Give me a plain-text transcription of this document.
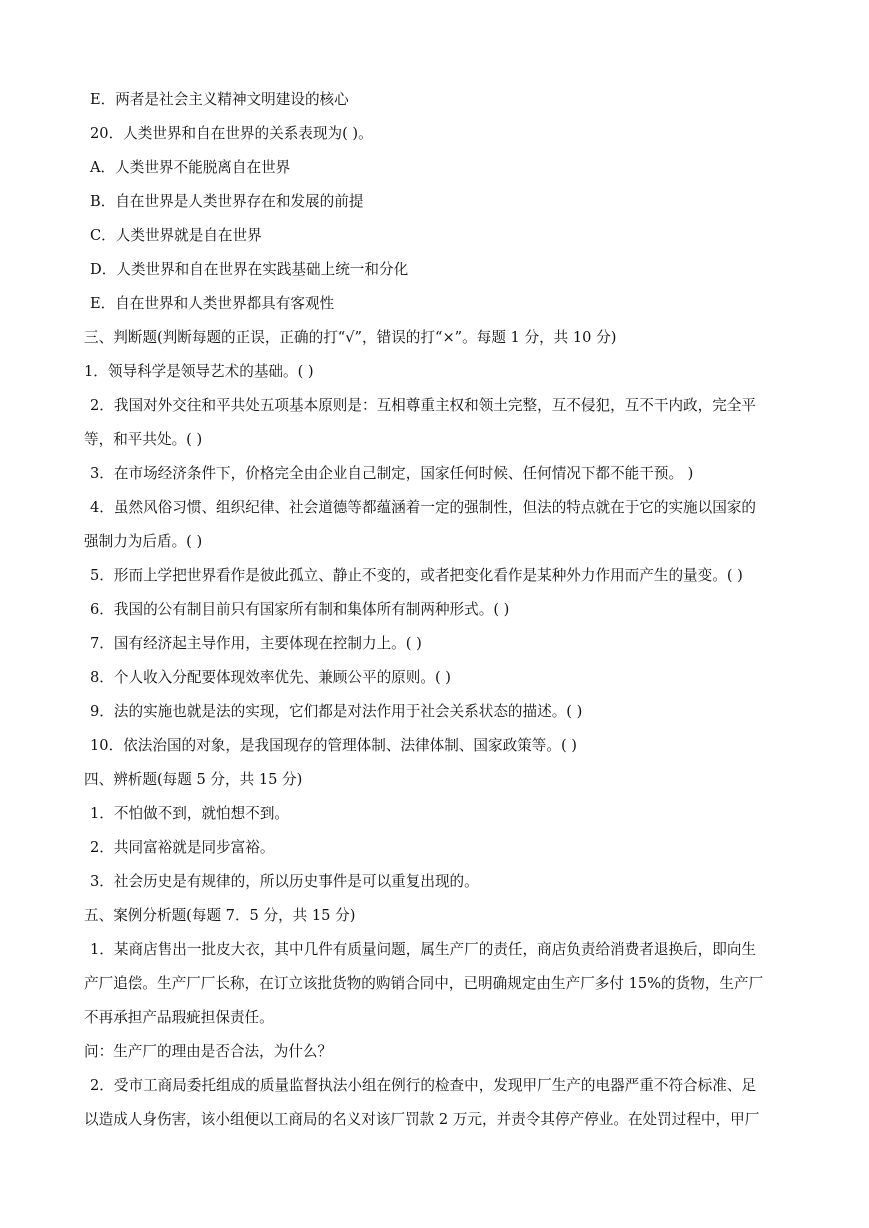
E．两者是社会主义精神文明建设的核心
20．人类世界和自在世界的关系表现为( )。
A．人类世界不能脱离自在世界
B．自在世界是人类世界存在和发展的前提
C．人类世界就是自在世界
D．人类世界和自在世界在实践基础上统一和分化
E．自在世界和人类世界都具有客观性
三、判断题(判断每题的正误，正确的打“√”，错误的打“×”。每题 1 分，共 10 分)
1．领导科学是领导艺术的基础。( )
2．我国对外交往和平共处五项基本原则是：互相尊重主权和领土完整，互不侵犯，互不干内政，完全平
等，和平共处。( )
3．在市场经济条件下，价格完全由企业自己制定，国家任何时候、任何情况下都不能干预。 )
4．虽然风俗习惯、组织纪律、社会道德等都蕴涵着一定的强制性，但法的特点就在于它的实施以国家的
强制力为后盾。( )
5．形而上学把世界看作是彼此孤立、静止不变的，或者把变化看作是某种外力作用而产生的量变。( )
6．我国的公有制目前只有国家所有制和集体所有制两种形式。( )
7．国有经济起主导作用，主要体现在控制力上。( )
8．个人收入分配要体现效率优先、兼顾公平的原则。( )
9．法的实施也就是法的实现，它们都是对法作用于社会关系状态的描述。( )
10．依法治国的对象，是我国现存的管理体制、法律体制、国家政策等。( )
四、辨析题(每题 5 分，共 15 分)
1．不怕做不到，就怕想不到。
2．共同富裕就是同步富裕。
3．社会历史是有规律的，所以历史事件是可以重复出现的。
五、案例分析题(每题 7．5 分，共 15 分)
1．某商店售出一批皮大衣，其中几件有质量问题，属生产厂的责任，商店负责给消费者退换后，即向生
产厂追偿。生产厂厂长称，在订立该批货物的购销合同中，已明确规定由生产厂多付 15%的货物，生产厂
不再承担产品瑕疵担保责任。
问：生产厂的理由是否合法，为什么？
2．受市工商局委托组成的质量监督执法小组在例行的检查中，发现甲厂生产的电器严重不符合标准、足
以造成人身伤害，该小组便以工商局的名义对该厂罚款 2 万元，并责令其停产停业。在处罚过程中，甲厂
